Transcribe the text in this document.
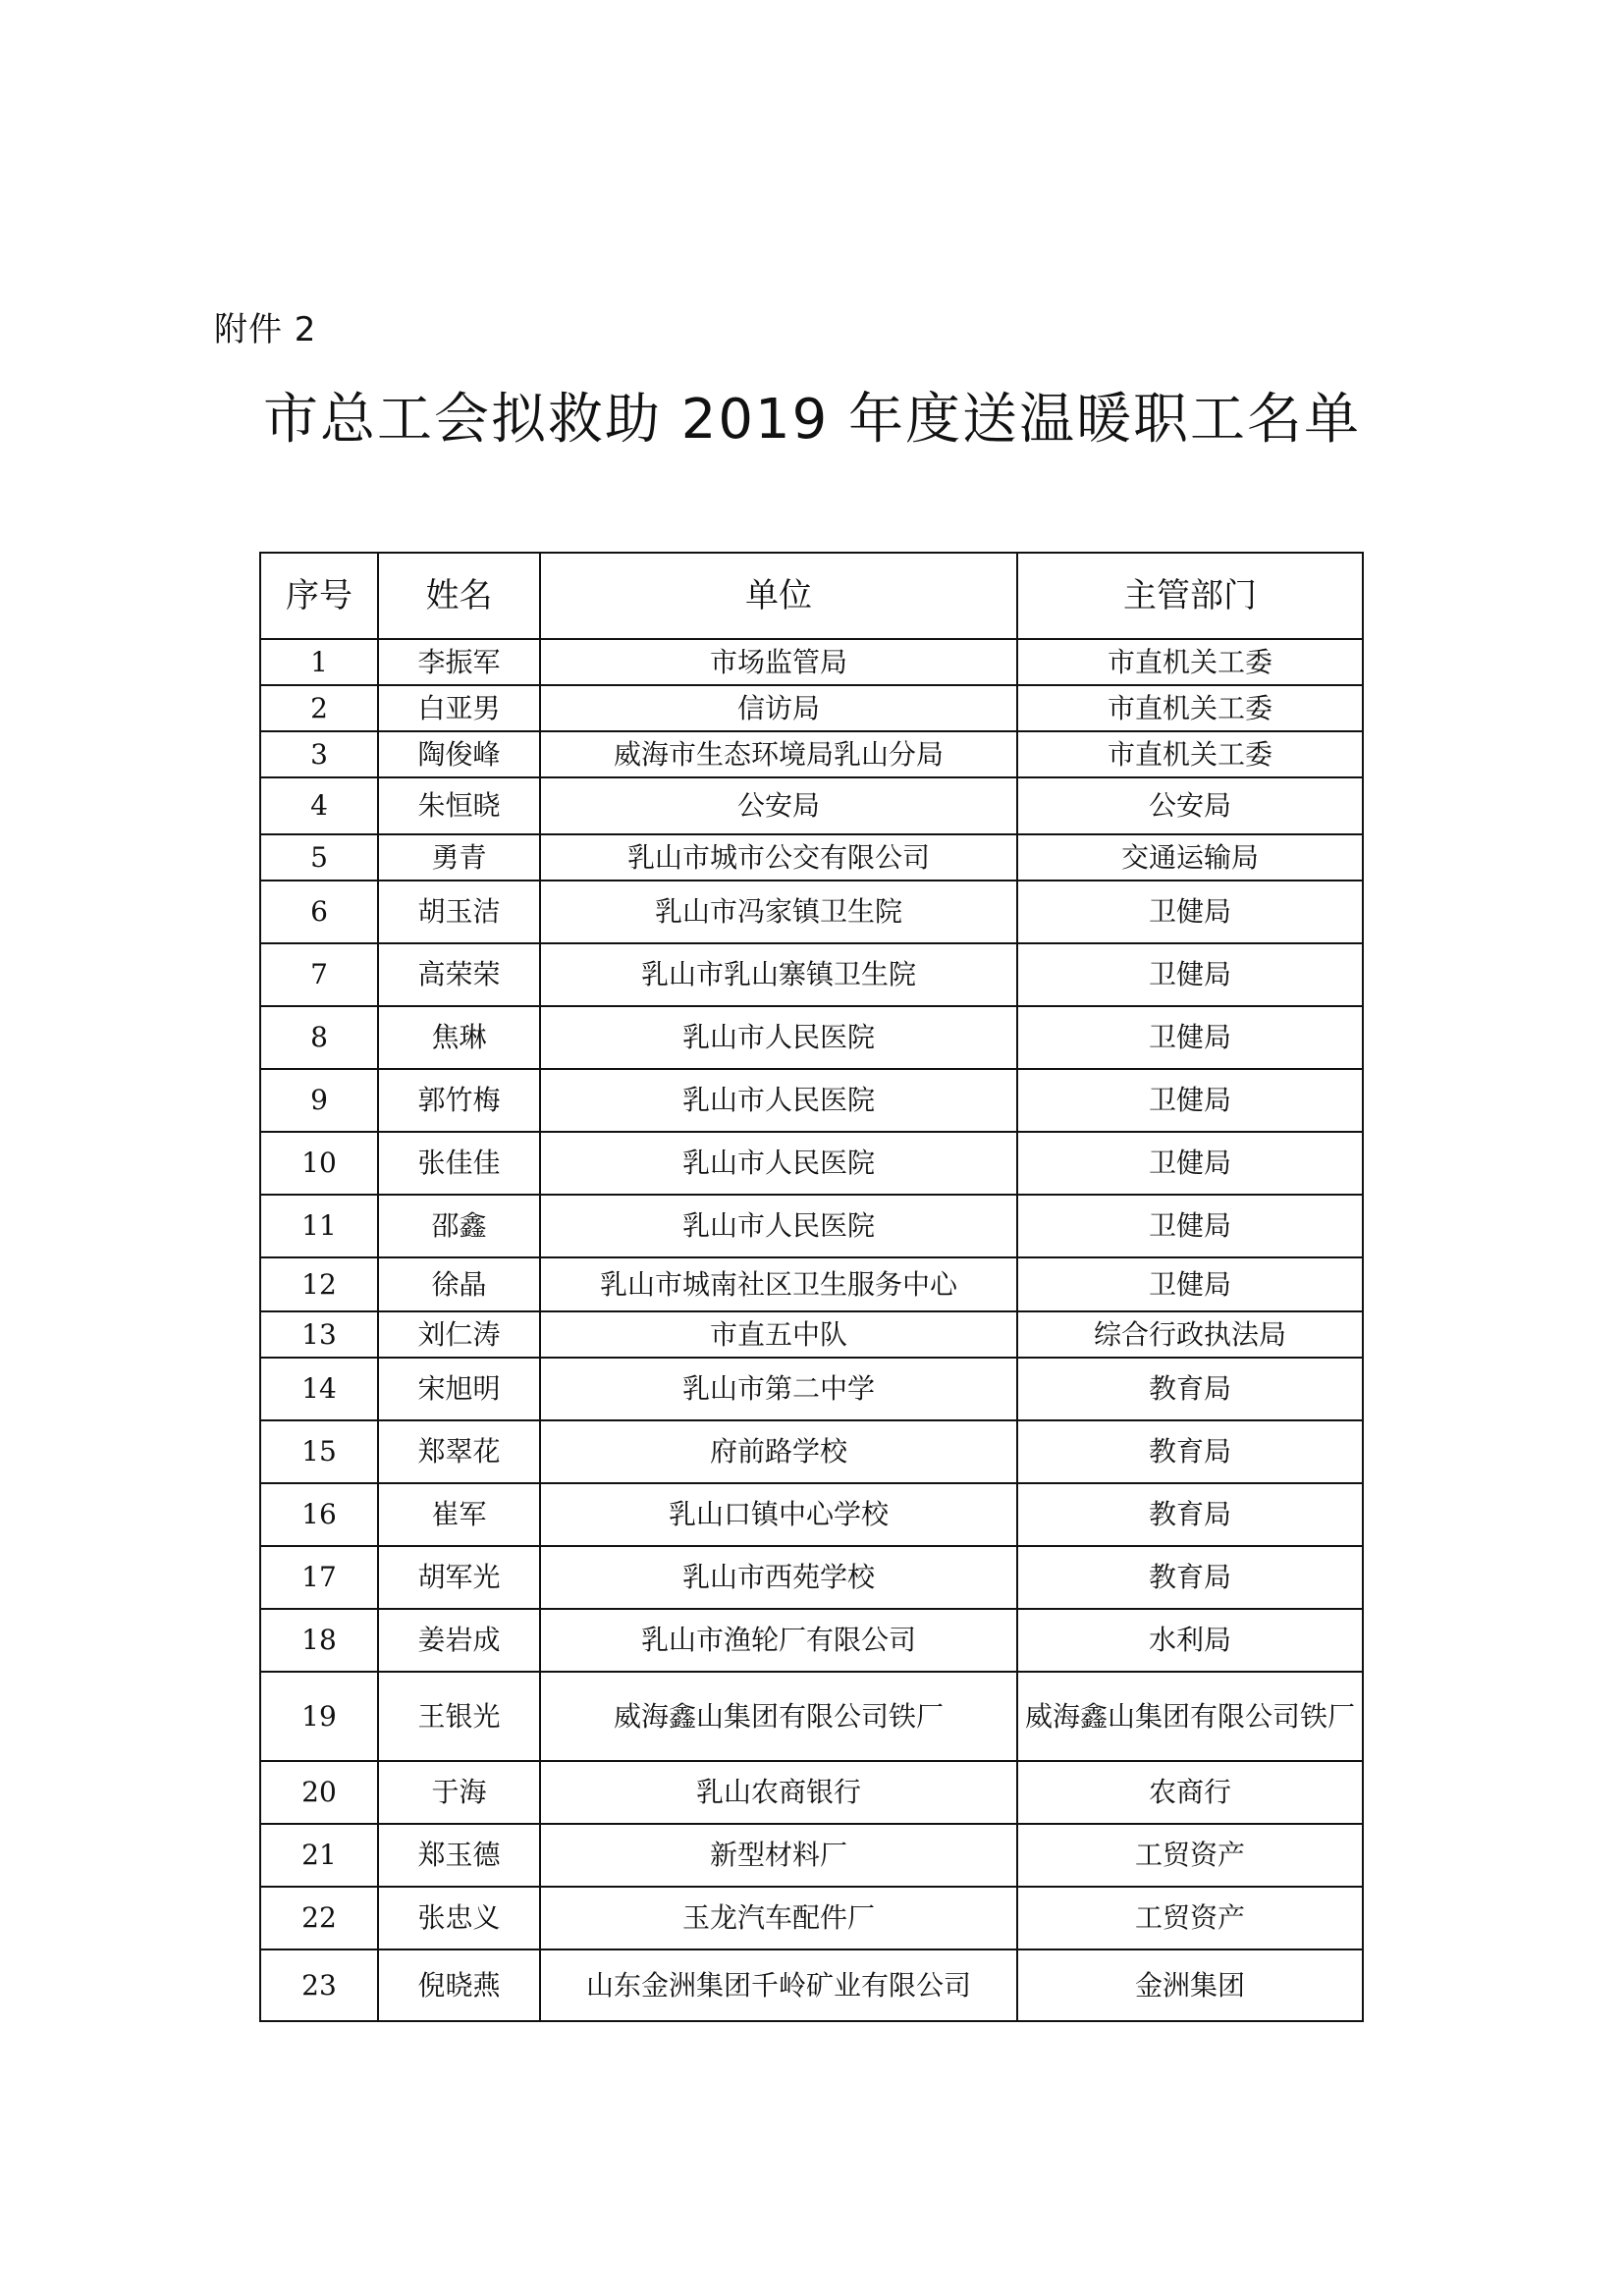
附件 2
市总工会拟救助 2019 年度送温暖职工名单
序号	姓名	单位	主管部门
1	李振军	市场监管局	市直机关工委
2	白亚男	信访局	市直机关工委
3	陶俊峰	威海市生态环境局乳山分局	市直机关工委
4	朱恒晓	公安局	公安局
5	勇青	乳山市城市公交有限公司	交通运输局
6	胡玉洁	乳山市冯家镇卫生院	卫健局
7	高荣荣	乳山市乳山寨镇卫生院	卫健局
8	焦琳	乳山市人民医院	卫健局
9	郭竹梅	乳山市人民医院	卫健局
10	张佳佳	乳山市人民医院	卫健局
11	邵鑫	乳山市人民医院	卫健局
12	徐晶	乳山市城南社区卫生服务中心	卫健局
13	刘仁涛	市直五中队	综合行政执法局
14	宋旭明	乳山市第二中学	教育局
15	郑翠花	府前路学校	教育局
16	崔军	乳山口镇中心学校	教育局
17	胡军光	乳山市西苑学校	教育局
18	姜岩成	乳山市渔轮厂有限公司	水利局
19	王银光	威海鑫山集团有限公司铁厂	威海鑫山集团有限公司铁厂
20	于海	乳山农商银行	农商行
21	郑玉德	新型材料厂	工贸资产
22	张忠义	玉龙汽车配件厂	工贸资产
23	倪晓燕	山东金洲集团千岭矿业有限公司	金洲集团
